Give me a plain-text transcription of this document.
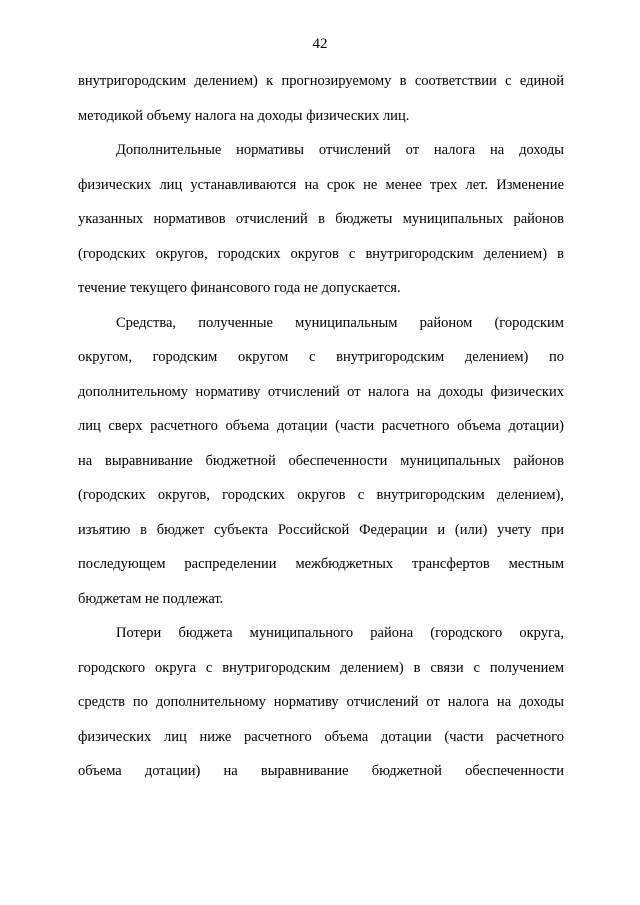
42
внутригородским делением) к прогнозируемому в соответствии с единой
методикой объему налога на доходы физических лиц.
Дополнительные нормативы отчислений от налога на доходы
физических лиц устанавливаются на срок не менее трех лет. Изменение
указанных нормативов отчислений в бюджеты муниципальных районов
(городских округов, городских округов с внутригородским делением) в
течение текущего финансового года не допускается.
Средства, полученные муниципальным районом (городским
округом, городским округом с внутригородским делением) по
дополнительному нормативу отчислений от налога на доходы физических
лиц сверх расчетного объема дотации (части расчетного объема дотации)
на выравнивание бюджетной обеспеченности муниципальных районов
(городских округов, городских округов с внутригородским делением),
изъятию в бюджет субъекта Российской Федерации и (или) учету при
последующем распределении межбюджетных трансфертов местным
бюджетам не подлежат.
Потери бюджета муниципального района (городского округа,
городского округа с внутригородским делением) в связи с получением
средств по дополнительному нормативу отчислений от налога на доходы
физических лиц ниже расчетного объема дотации (части расчетного
объема дотации) на выравнивание бюджетной обеспеченности
